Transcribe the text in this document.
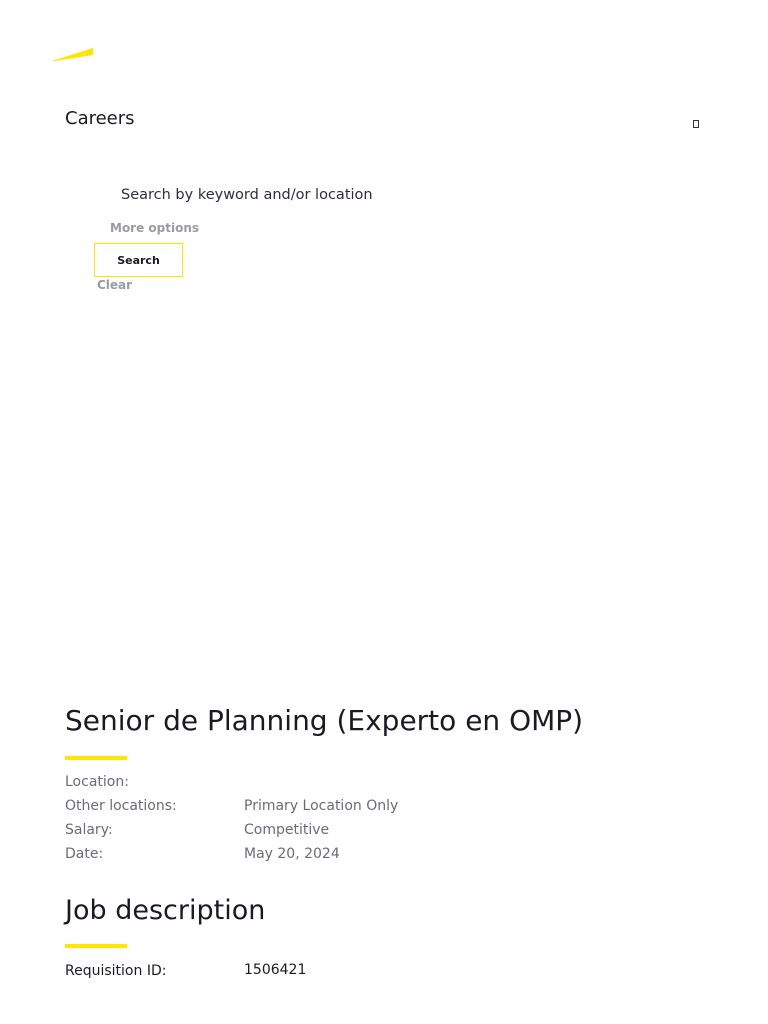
Careers
Search by keyword and/or location
More options
Search
Clear
Senior de Planning (Experto en OMP)
Location:
Other locations:	Primary Location Only
Salary:	Competitive
Date:	May 20, 2024
Job description
Requisition ID:	1506421
